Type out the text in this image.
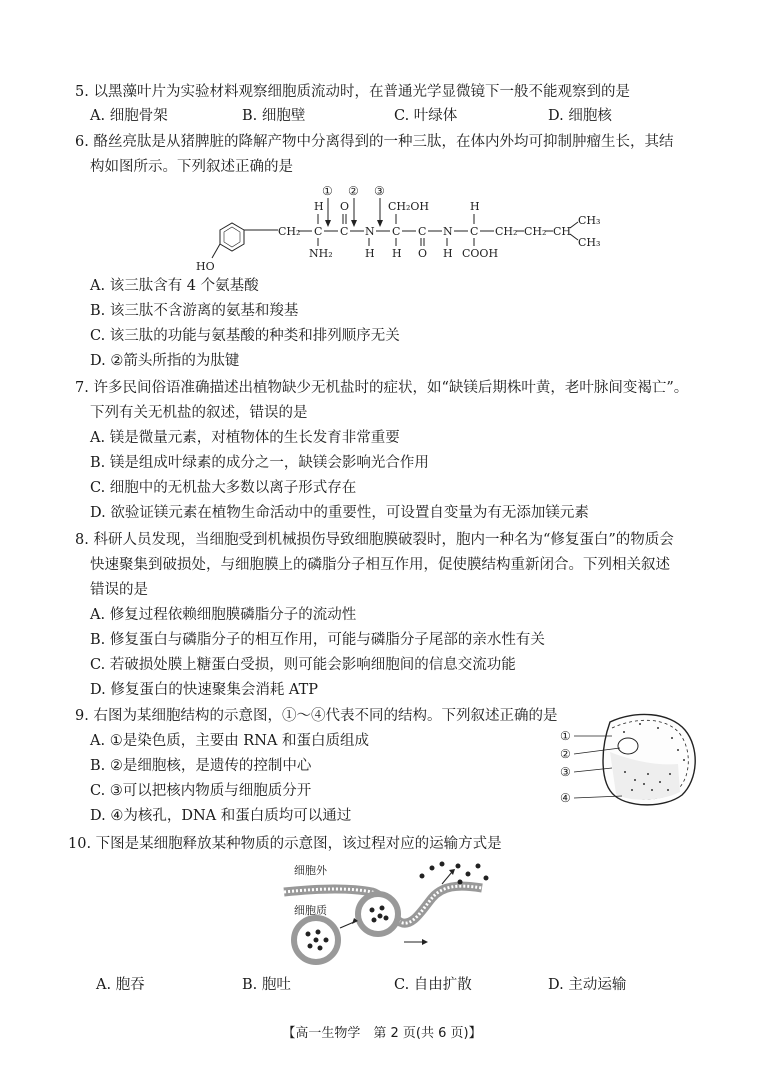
5. 以黑藻叶片为实验材料观察细胞质流动时，在普通光学显微镜下一般不能观察到的是
A. 细胞骨架	B. 细胞壁	C. 叶绿体	D. 细胞核
6. 酪丝亮肽是从猪脾脏的降解产物中分离得到的一种三肽，在体内外均可抑制肿瘤生长，其结
构如图所示。下列叙述正确的是
HO
CH₂ C
H
NH₂
C
O
N
H
C
CH₂OH
H
C
O
N
H
C
H
COOH
CH₂ CH₂ CH
CH₃
CH₃
① ② ③
A. 该三肽含有 4 个氨基酸
B. 该三肽不含游离的氨基和羧基
C. 该三肽的功能与氨基酸的种类和排列顺序无关
D. ②箭头所指的为肽键
7. 许多民间俗语准确描述出植物缺少无机盐时的症状，如“缺镁后期株叶黄，老叶脉间变褐亡”。
下列有关无机盐的叙述，错误的是
A. 镁是微量元素，对植物体的生长发育非常重要
B. 镁是组成叶绿素的成分之一，缺镁会影响光合作用
C. 细胞中的无机盐大多数以离子形式存在
D. 欲验证镁元素在植物生命活动中的重要性，可设置自变量为有无添加镁元素
8. 科研人员发现，当细胞受到机械损伤导致细胞膜破裂时，胞内一种名为“修复蛋白”的物质会
快速聚集到破损处，与细胞膜上的磷脂分子相互作用，促使膜结构重新闭合。下列相关叙述
错误的是
A. 修复过程依赖细胞膜磷脂分子的流动性
B. 修复蛋白与磷脂分子的相互作用，可能与磷脂分子尾部的亲水性有关
C. 若破损处膜上糖蛋白受损，则可能会影响细胞间的信息交流功能
D. 修复蛋白的快速聚集会消耗 ATP
9. 右图为某细胞结构的示意图，①～④代表不同的结构。下列叙述正确的是
A. ①是染色质，主要由 RNA 和蛋白质组成
B. ②是细胞核，是遗传的控制中心
C. ③可以把核内物质与细胞质分开
D. ④为核孔，DNA 和蛋白质均可以通过
①
②
③
④
10. 下图是某细胞释放某种物质的示意图，该过程对应的运输方式是
细胞外
细胞质
A. 胞吞	B. 胞吐	C. 自由扩散	D. 主动运输
【高一生物学　第 2 页(共 6 页)】
